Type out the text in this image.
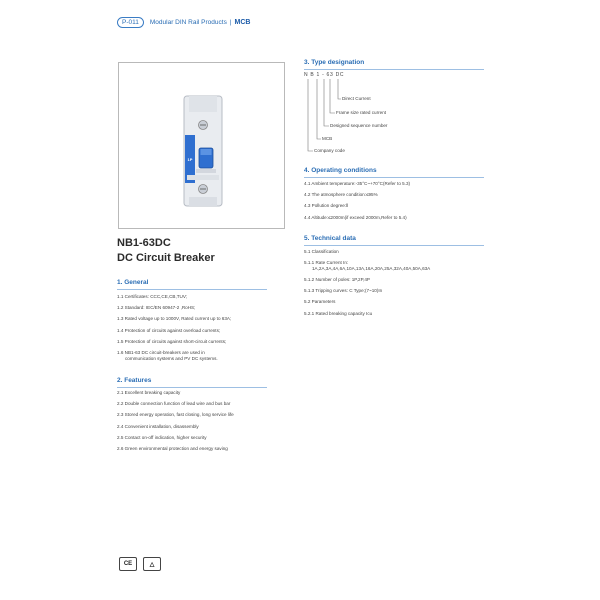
P-011	Modular DIN Rail Products | MCB
1P
NB1-63DC
DC Circuit Breaker
1. General
1.1 Certificates: CCC,CE,CB,TUV;
1.2 Standard: IEC/EN 60947-2 ,RoHS;
1.3 Rated voltage up to 1000V, Rated current up to 63A;
1.4 Protection of circuits against overload currents;
1.5 Protection of circuits against short-circuit currents;
1.6 NB1-63 DC circuit-breakers are used in
communication systems and PV DC systems.
2. Features
2.1 Excellent breaking capacity
2.2 Double connection function of lead wire and bus bar
2.3 Stored energy operation, fast closing, long service life
2.4 Convenient installation, disassembly
2.5 Contact on-off indication, higher security
2.6 Green environmental protection and energy saving
3. Type designation
N B 1 - 63 DC
Direct Current
Frame size rated current
Designed sequence number
MCB
Company code
4. Operating conditions
4.1 Ambient temperature:-35°C~+70°C(Refer to 5.3)
4.2 The atmosphere condition:≤95%
4.3 Pollution degree:Ⅱ
4.4 Altitude:≤2000m(if exceed 2000m,Refer to 5.4)
5. Technical data
5.1 Classification
5.1.1 Rate Current In:
1A,2A,3A,4A,6A,10A,13A,16A,20A,25A,32A,40A,50A,63A
5.1.2 Number of poles: 1P,2P,4P
5.1.3 Tripping curves: C Type;(7~10)In
5.2 Parameters
5.2.1 Rated breaking capacity Icu
CE	△
